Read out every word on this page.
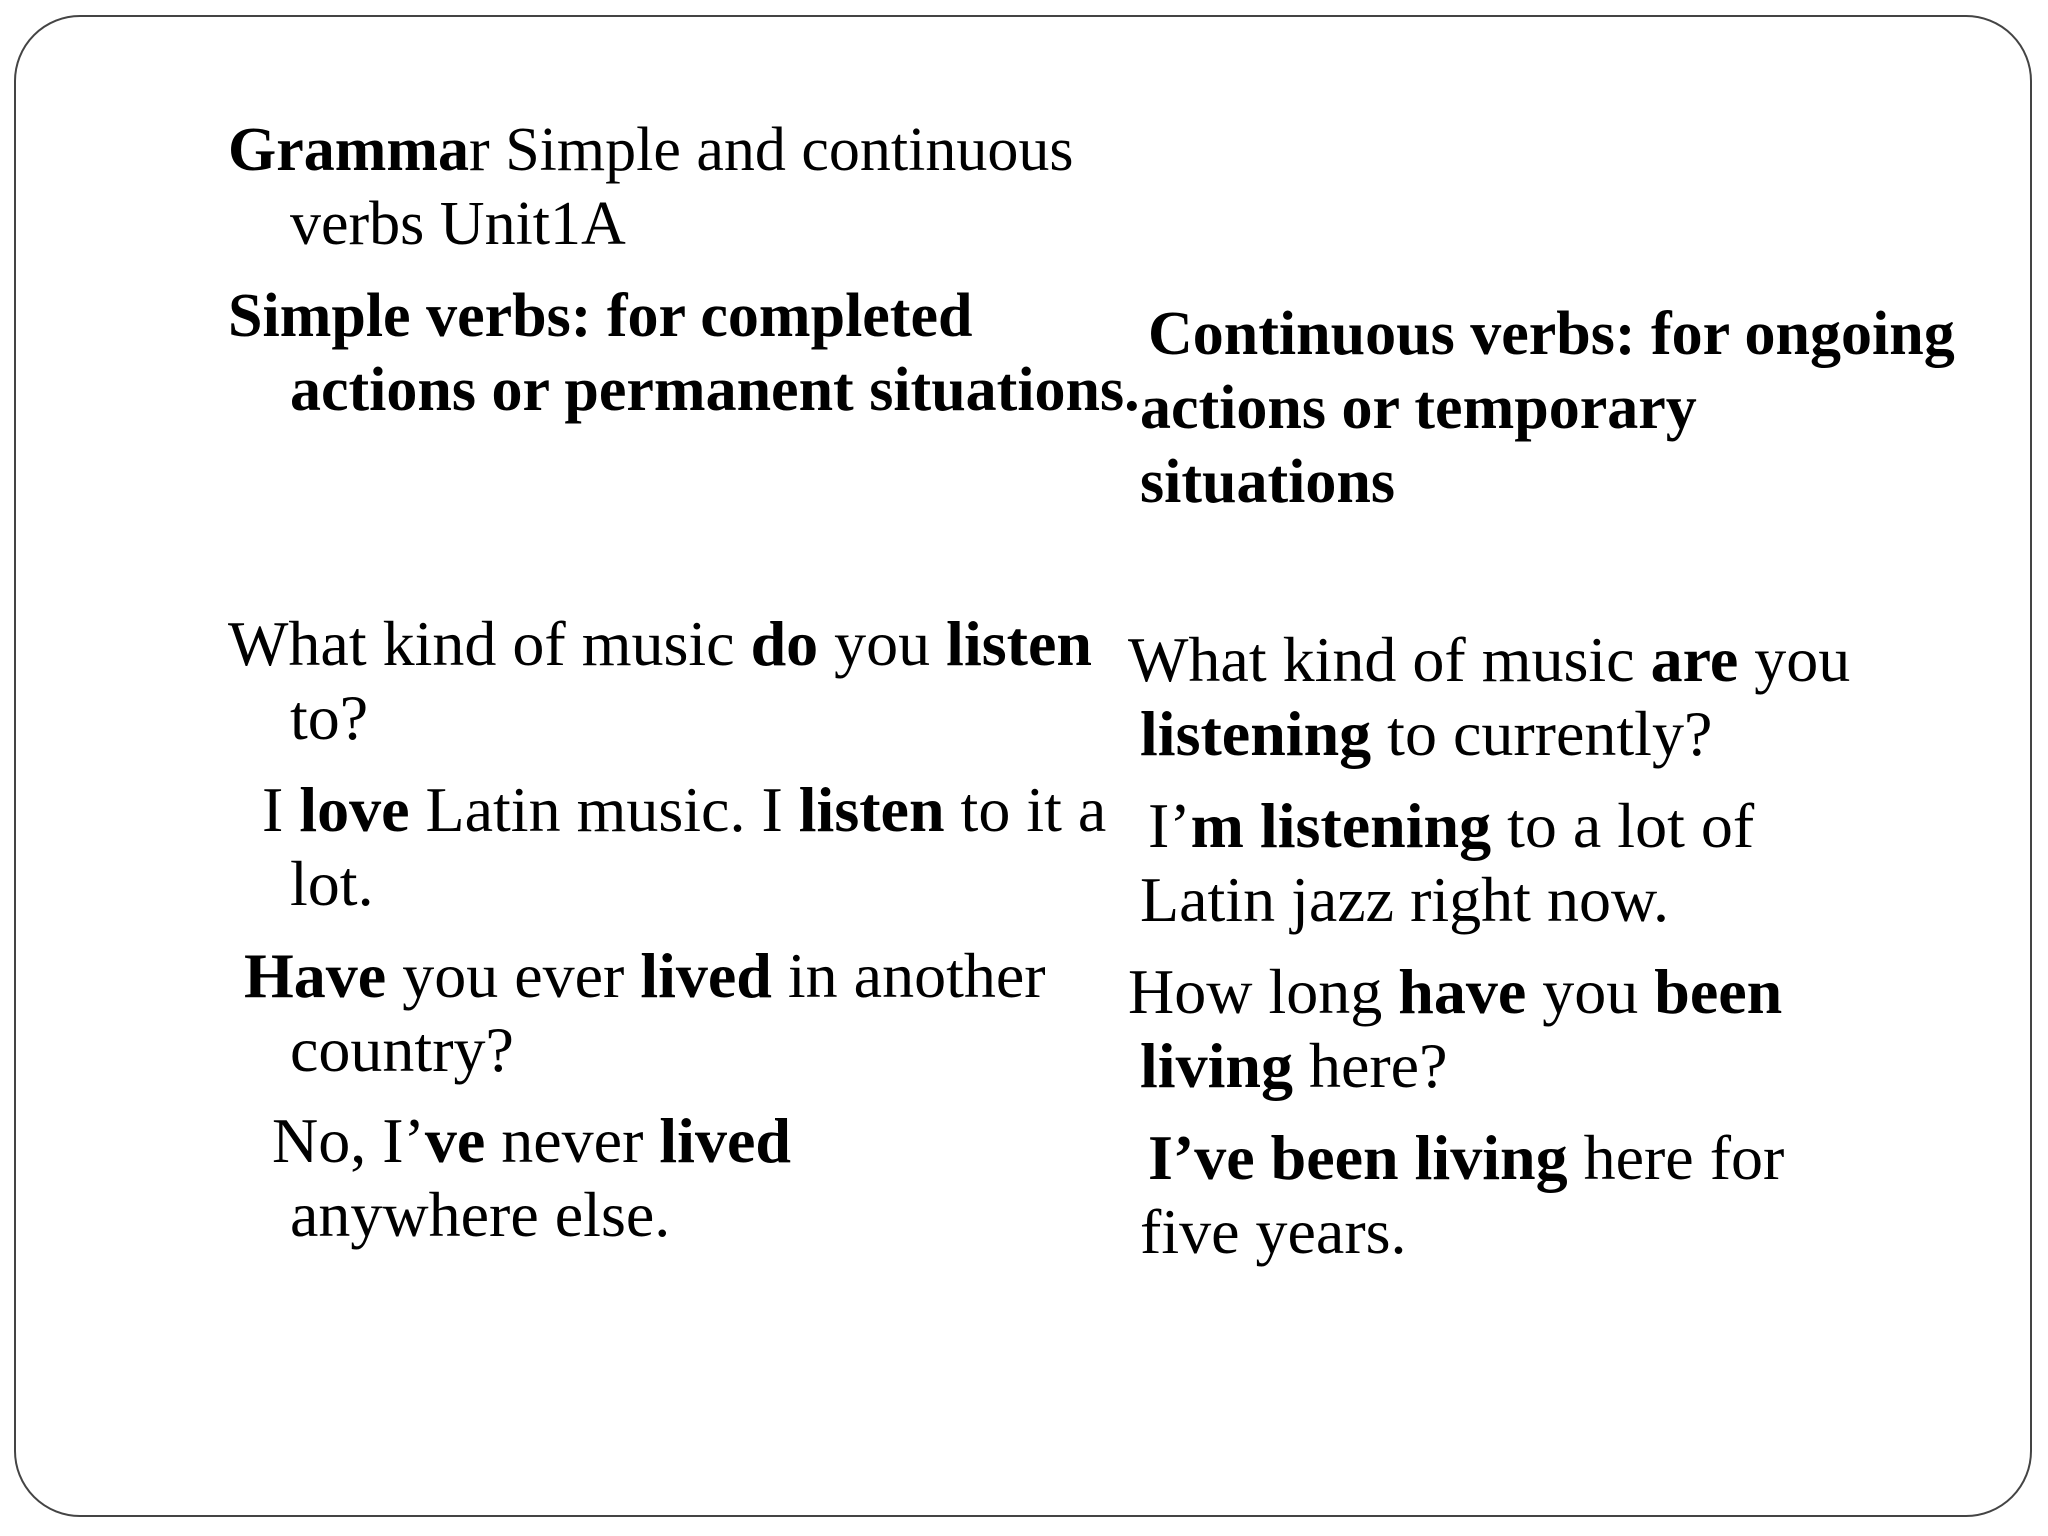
Grammar Simple and continuous verbs Unit1A

Simple verbs: for completed actions or permanent situations.

Continuous verbs: for ongoing actions or temporary situations

What kind of music do you listen to?

I love Latin music. I listen to it a lot.

Have you ever lived in another country?

No, I’ve never lived anywhere else.

What kind of music are you listening to currently?

I’m listening to a lot of Latin jazz right now.

How long have you been living here?

I’ve been living here for five years.
